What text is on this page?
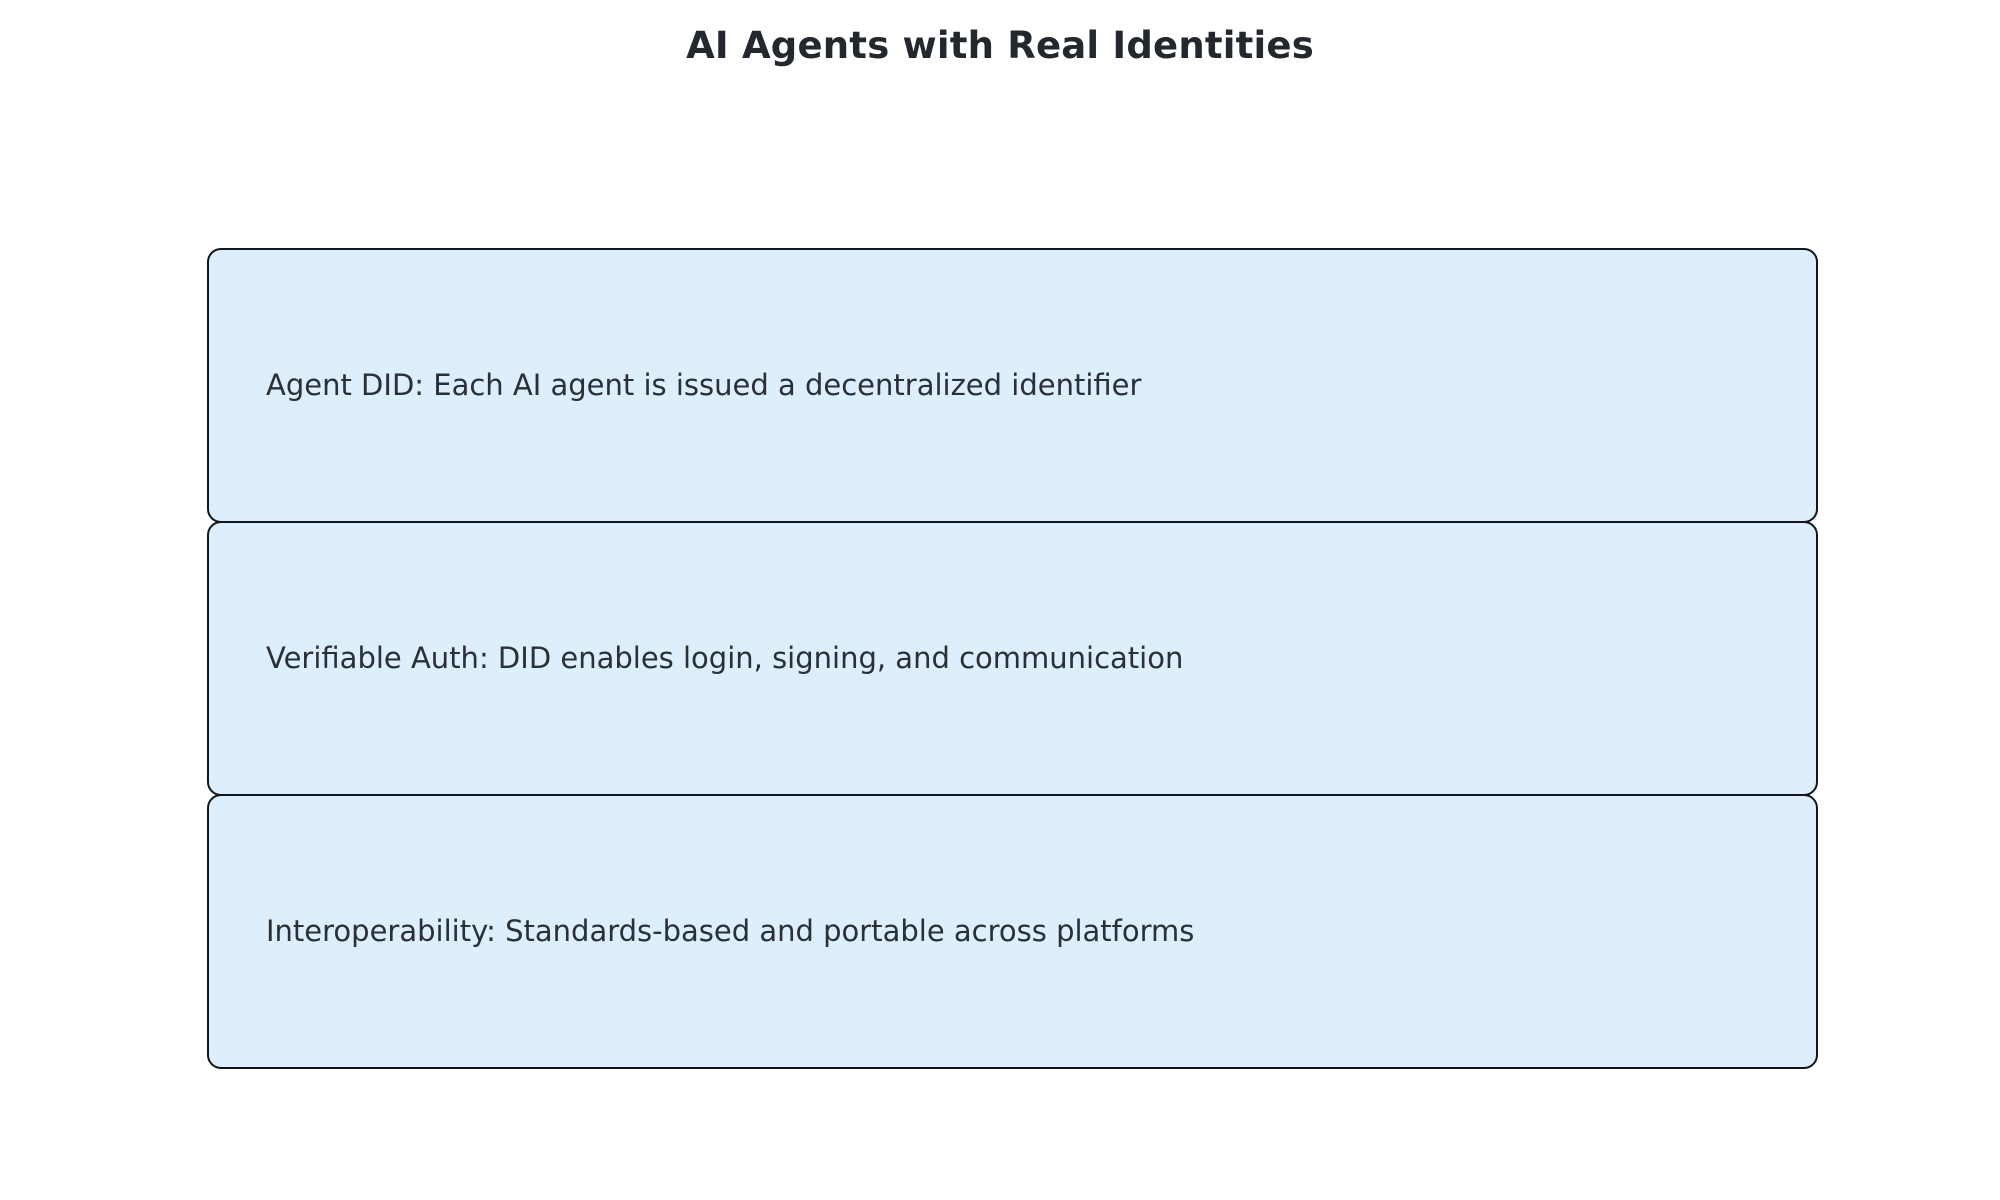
AI Agents with Real Identities
Agent DID: Each AI agent is issued a decentralized identifier
Verifiable Auth: DID enables login, signing, and communication
Interoperability: Standards-based and portable across platforms
